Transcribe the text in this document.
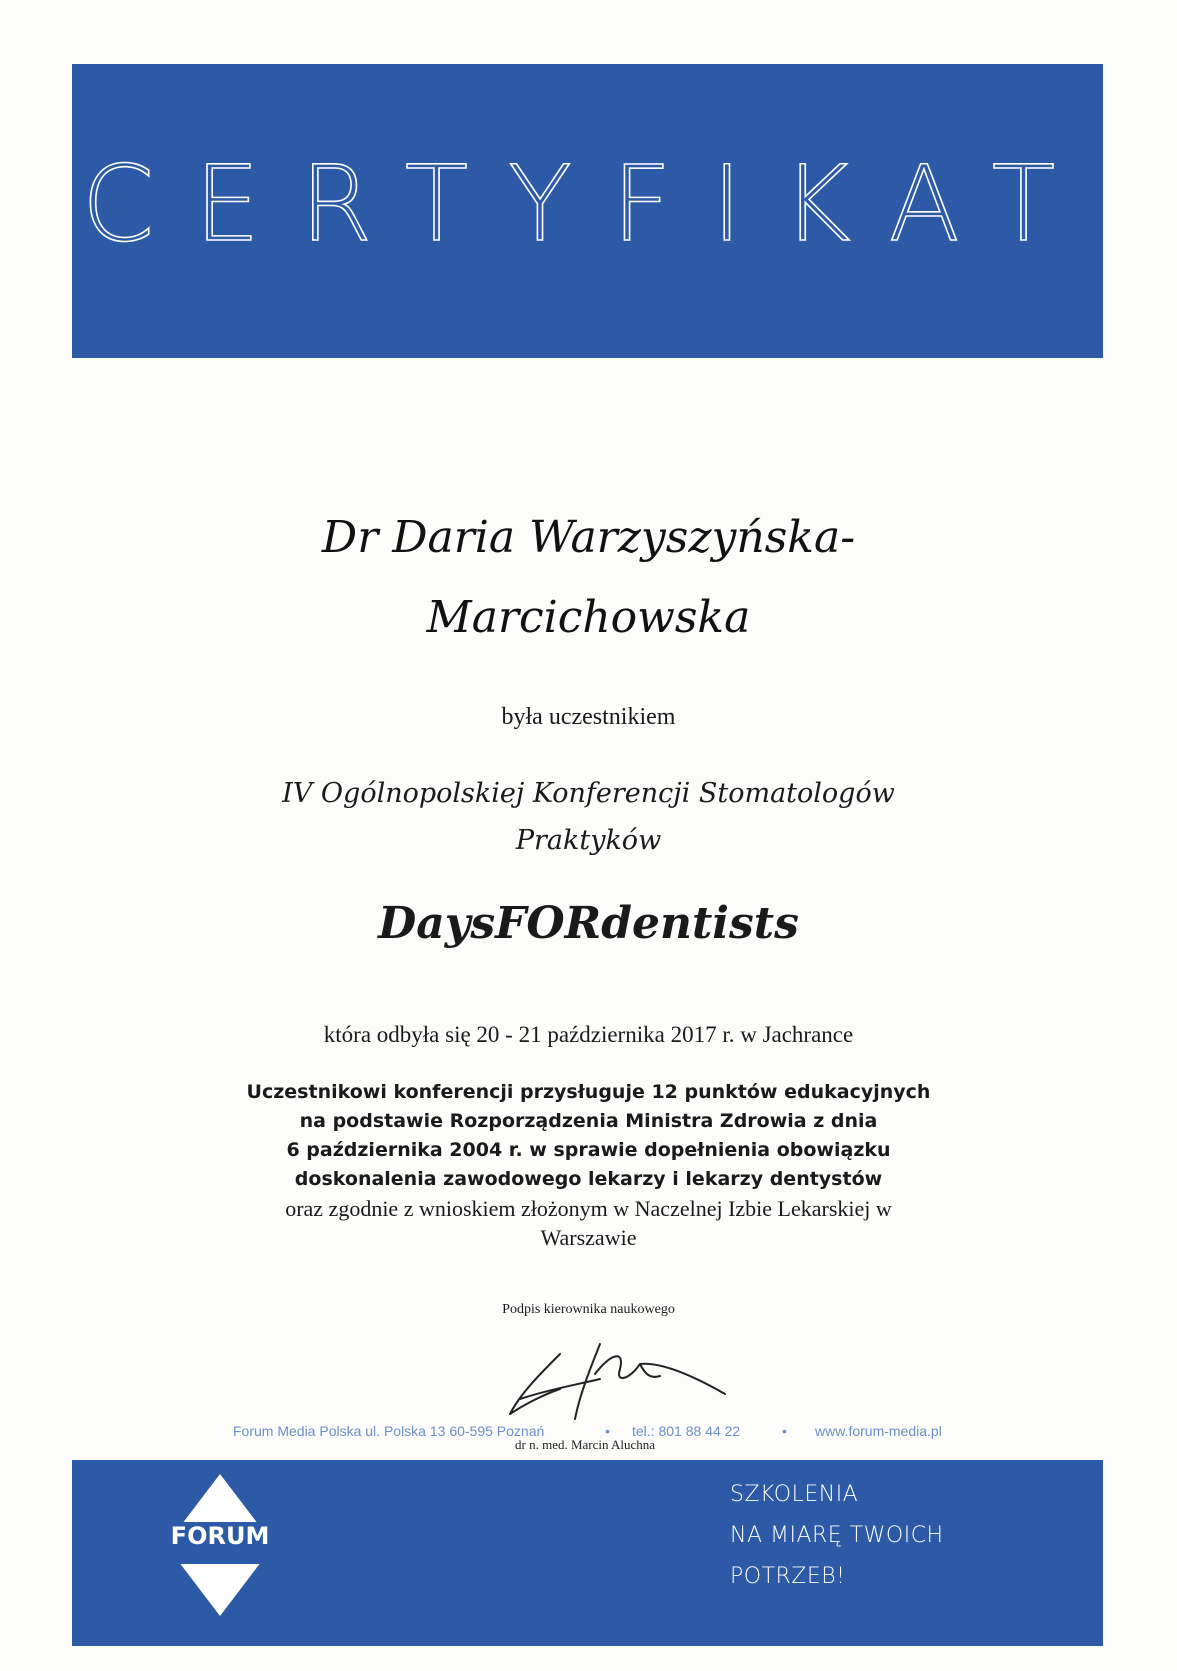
CERTYFIKAT
Dr Daria Warzyszyńska-
Marcichowska
była uczestnikiem
IV Ogólnopolskiej Konferencji Stomatologów
Praktyków
DaysFORdentists
która odbyła się 20 - 21 października 2017 r. w Jachrance
Uczestnikowi konferencji przysługuje 12 punktów edukacyjnych
na podstawie Rozporządzenia Ministra Zdrowia z dnia
6 października 2004 r. w sprawie dopełnienia obowiązku
doskonalenia zawodowego lekarzy i lekarzy dentystów
oraz zgodnie z wnioskiem złożonym w Naczelnej Izbie Lekarskiej w
Warszawie
Podpis kierownika naukowego
Forum Media Polska ul. Polska 13 60-595 Poznań	• tel.: 801 88 44 22	• www.forum-media.pl
dr n. med. Marcin Aluchna
FORUM
SZKOLENIA
NA MIARĘ TWOICH
POTRZEB!
